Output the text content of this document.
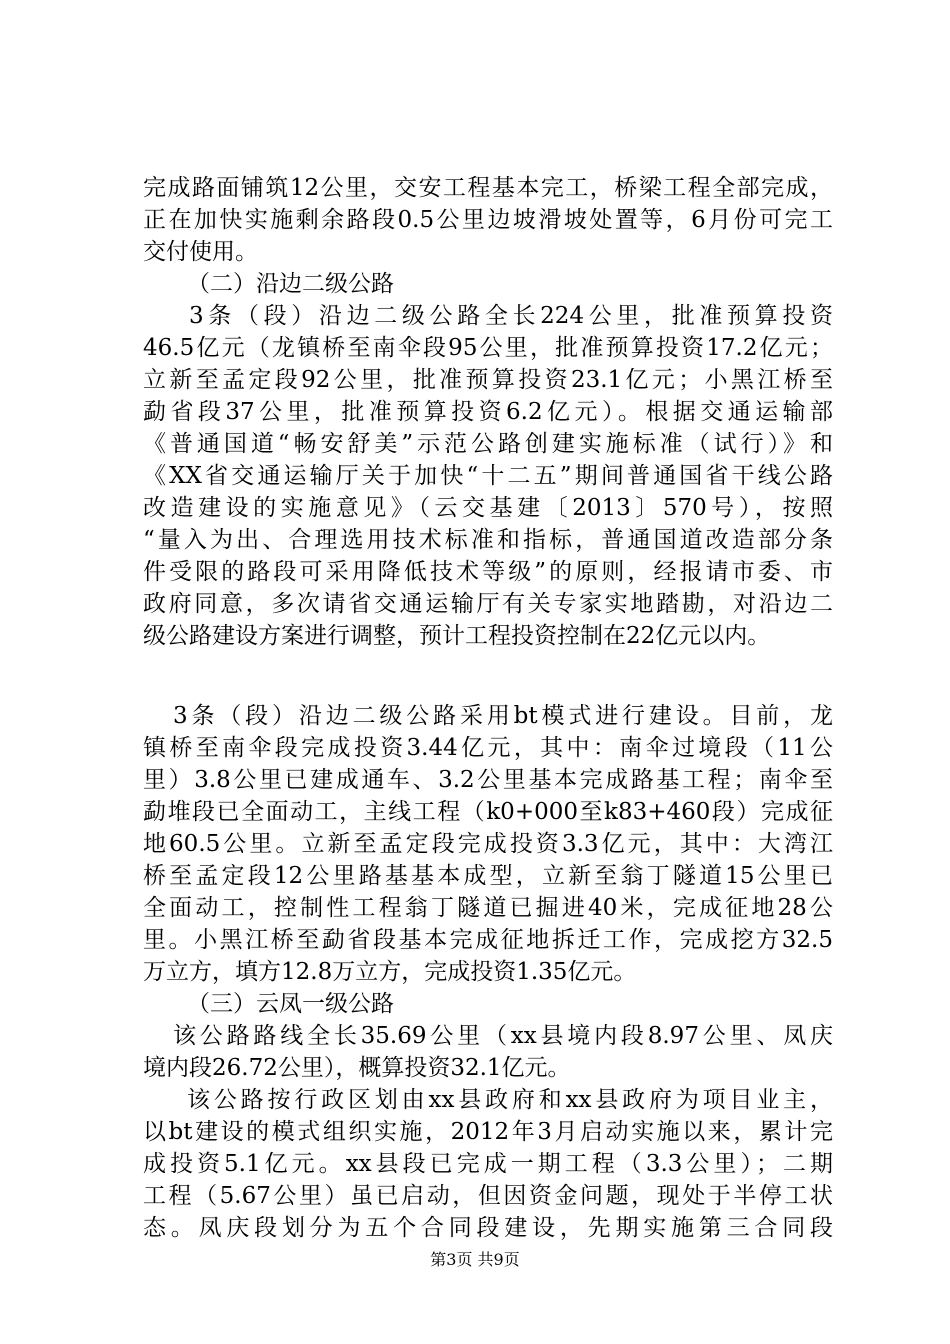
完成路面铺筑12公里，交安工程基本完工，桥梁工程全部完成，
正在加快实施剩余路段0.5公里边坡滑坡处置等，6月份可完工
交付使用。
（二）沿边二级公路
3条（段）沿边二级公路全长224公里，批准预算投资
46.5亿元（龙镇桥至南伞段95公里，批准预算投资17.2亿元；
立新至孟定段92公里，批准预算投资23.1亿元；小黑江桥至
勐省段37公里，批准预算投资6.2亿元）。根据交通运输部
《普通国道“畅安舒美”示范公路创建实施标准（试行）》和
《XX省交通运输厅关于加快“十二五”期间普通国省干线公路
改造建设的实施意见》（云交基建〔2013〕570号），按照
“量入为出、合理选用技术标准和指标，普通国道改造部分条
件受限的路段可采用降低技术等级”的原则，经报请市委、市
政府同意，多次请省交通运输厅有关专家实地踏勘，对沿边二
级公路建设方案进行调整，预计工程投资控制在22亿元以内。
3条（段）沿边二级公路采用bt模式进行建设。目前，龙
镇桥至南伞段完成投资3.44亿元，其中：南伞过境段（11公
里）3.8公里已建成通车、3.2公里基本完成路基工程；南伞至
勐堆段已全面动工，主线工程（k0+000至k83+460段）完成征
地60.5公里。立新至孟定段完成投资3.3亿元，其中：大湾江
桥至孟定段12公里路基基本成型，立新至翁丁隧道15公里已
全面动工，控制性工程翁丁隧道已掘进40米，完成征地28公
里。小黑江桥至勐省段基本完成征地拆迁工作，完成挖方32.5
万立方，填方12.8万立方，完成投资1.35亿元。
（三）云凤一级公路
该公路路线全长35.69公里（xx县境内段8.97公里、凤庆
境内段26.72公里），概算投资32.1亿元。
该公路按行政区划由xx县政府和xx县政府为项目业主，
以bt建设的模式组织实施，2012年3月启动实施以来，累计完
成投资5.1亿元。xx县段已完成一期工程（3.3公里）；二期
工程（5.67公里）虽已启动，但因资金问题，现处于半停工状
态。凤庆段划分为五个合同段建设，先期实施第三合同段
第3页 共9页
